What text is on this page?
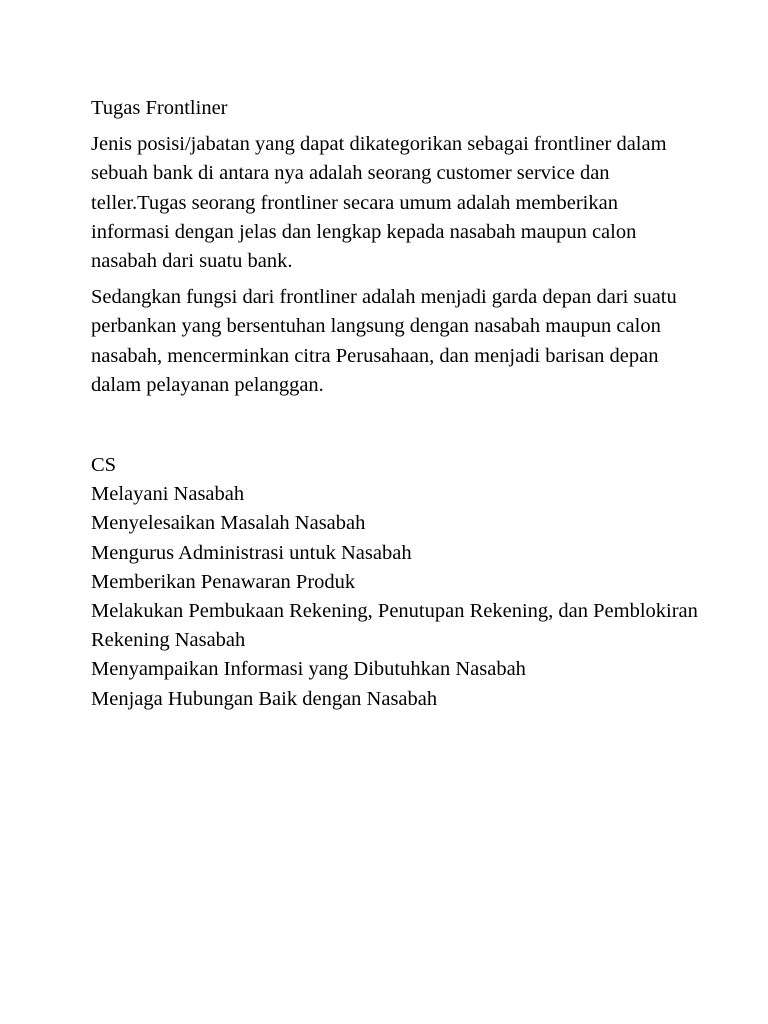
Tugas Frontliner

Jenis posisi/jabatan yang dapat dikategorikan sebagai frontliner dalam sebuah bank di antara nya adalah seorang customer service dan teller.Tugas seorang frontliner secara umum adalah memberikan informasi dengan jelas dan lengkap kepada nasabah maupun calon nasabah dari suatu bank.

Sedangkan fungsi dari frontliner adalah menjadi garda depan dari suatu perbankan yang bersentuhan langsung dengan nasabah maupun calon nasabah, mencerminkan citra Perusahaan, dan menjadi barisan depan dalam pelayanan pelanggan.

CS

Melayani Nasabah
Menyelesaikan Masalah Nasabah
Mengurus Administrasi untuk Nasabah
Memberikan Penawaran Produk
Melakukan Pembukaan Rekening, Penutupan Rekening, dan Pemblokiran Rekening Nasabah
Menyampaikan Informasi yang Dibutuhkan Nasabah
Menjaga Hubungan Baik dengan Nasabah
